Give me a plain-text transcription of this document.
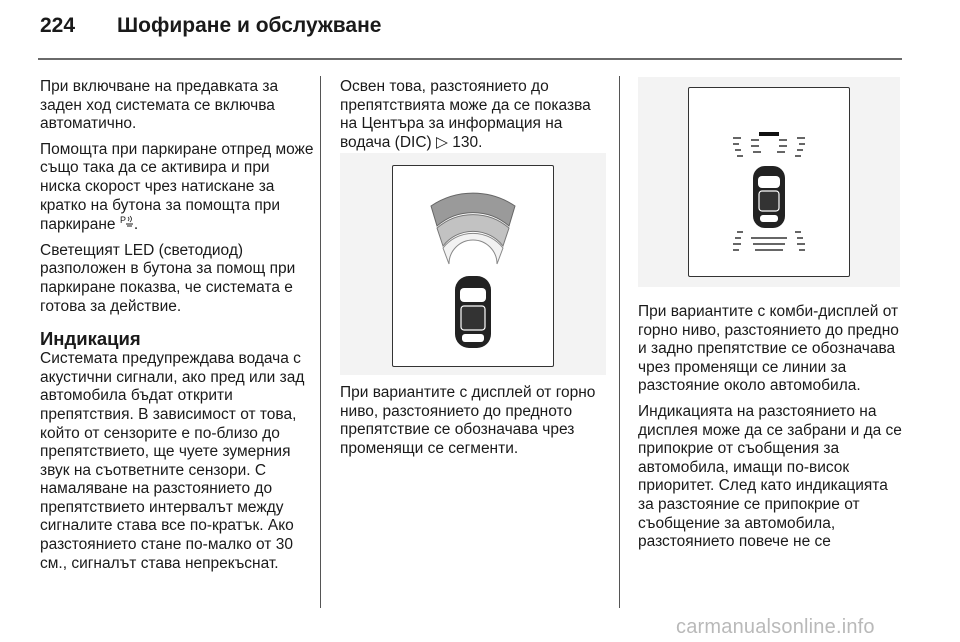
224 Шофиране и обслужване

При включване на предавката за заден ход системата се включва автоматично.

Помощта при паркиране отпред може също така да се активира и при ниска скорост чрез натискане за кратко на бутона за помощта при паркиране P .

Светещият LED (светодиод) разположен в бутона за помощ при паркиране показва, че системата е готова за действие.

Индикация

Системата предупреждава водача с акустични сигнали, ако пред или зад автомобила бъдат открити препятствия. В зависимост от това, който от сензорите е по-близо до препятствието, ще чуете зумерния звук на съответните сензори. С намаляване на разстоянието до препятствието интервалът между сигналите става все по-кратък. Ако разстоянието стане по-малко от 30 см., сигналът става непрекъснат.

Освен това, разстоянието до препятствията може да се показва на Центъра за информация на водача (DIC) ▷ 130.

При вариантите с дисплей от горно ниво, разстоянието до предното препятствие се обозначава чрез променящи се сегменти.

При вариантите с комби-дисплей от горно ниво, разстоянието до предно и задно препятствие се обозначава чрез променящи се линии за разстояние около автомобила.

Индикацията на разстоянието на дисплея може да се забрани и да се припокрие от съобщения за автомобила, имащи по-висок приоритет. След като индикацията за разстояние се припокрие от съобщение за автомобила, разстоянието повече не се

carmanualsonline.info
